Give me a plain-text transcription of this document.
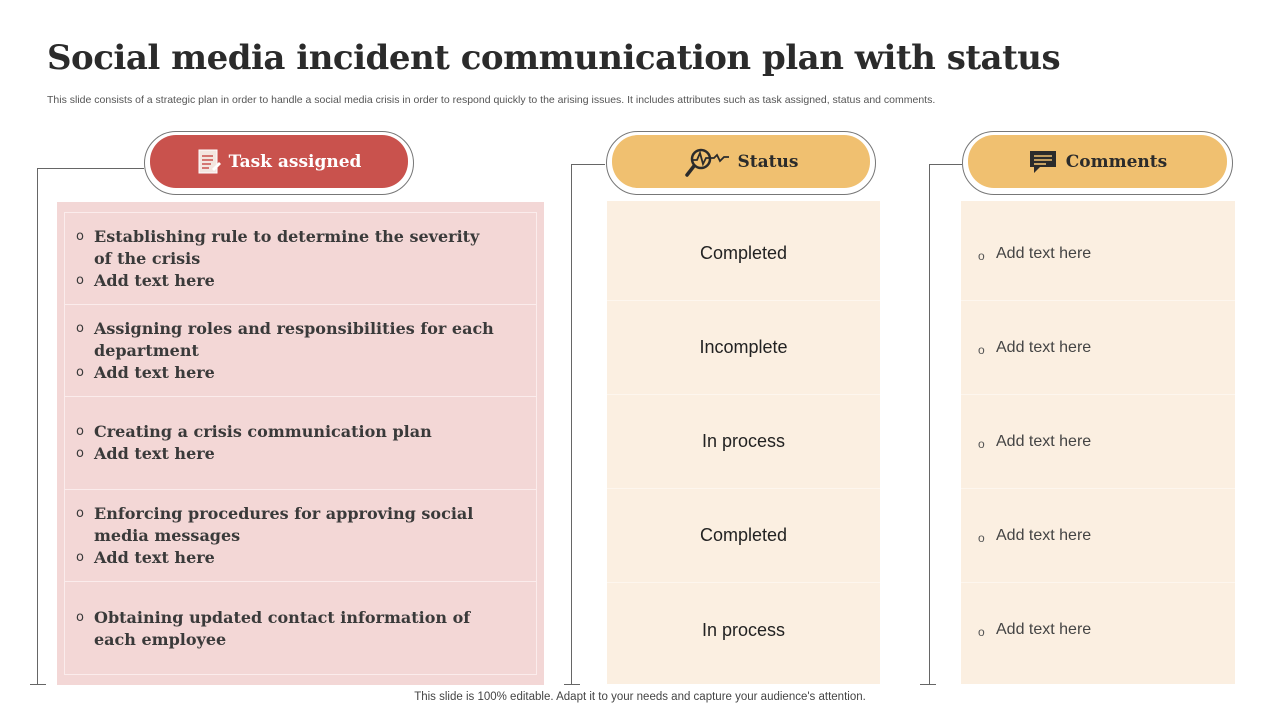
Social media incident communication plan with status
This slide consists of a strategic plan in order to handle a social media crisis in order to respond quickly to the arising issues. It includes attributes such as task assigned, status and comments.
Task assigned	Status	Comments
o Establishing rule to determine the severity of the crisis
o Add text here
o Assigning roles and responsibilities for each department
o Add text here
o Creating a crisis communication plan
o Add text here
o Enforcing procedures for approving social media messages
o Add text here
o Obtaining updated contact information of each employee
Completed
Incomplete
In process
Completed
In process
o Add text here
o Add text here
o Add text here
o Add text here
o Add text here
This slide is 100% editable. Adapt it to your needs and capture your audience's attention.
